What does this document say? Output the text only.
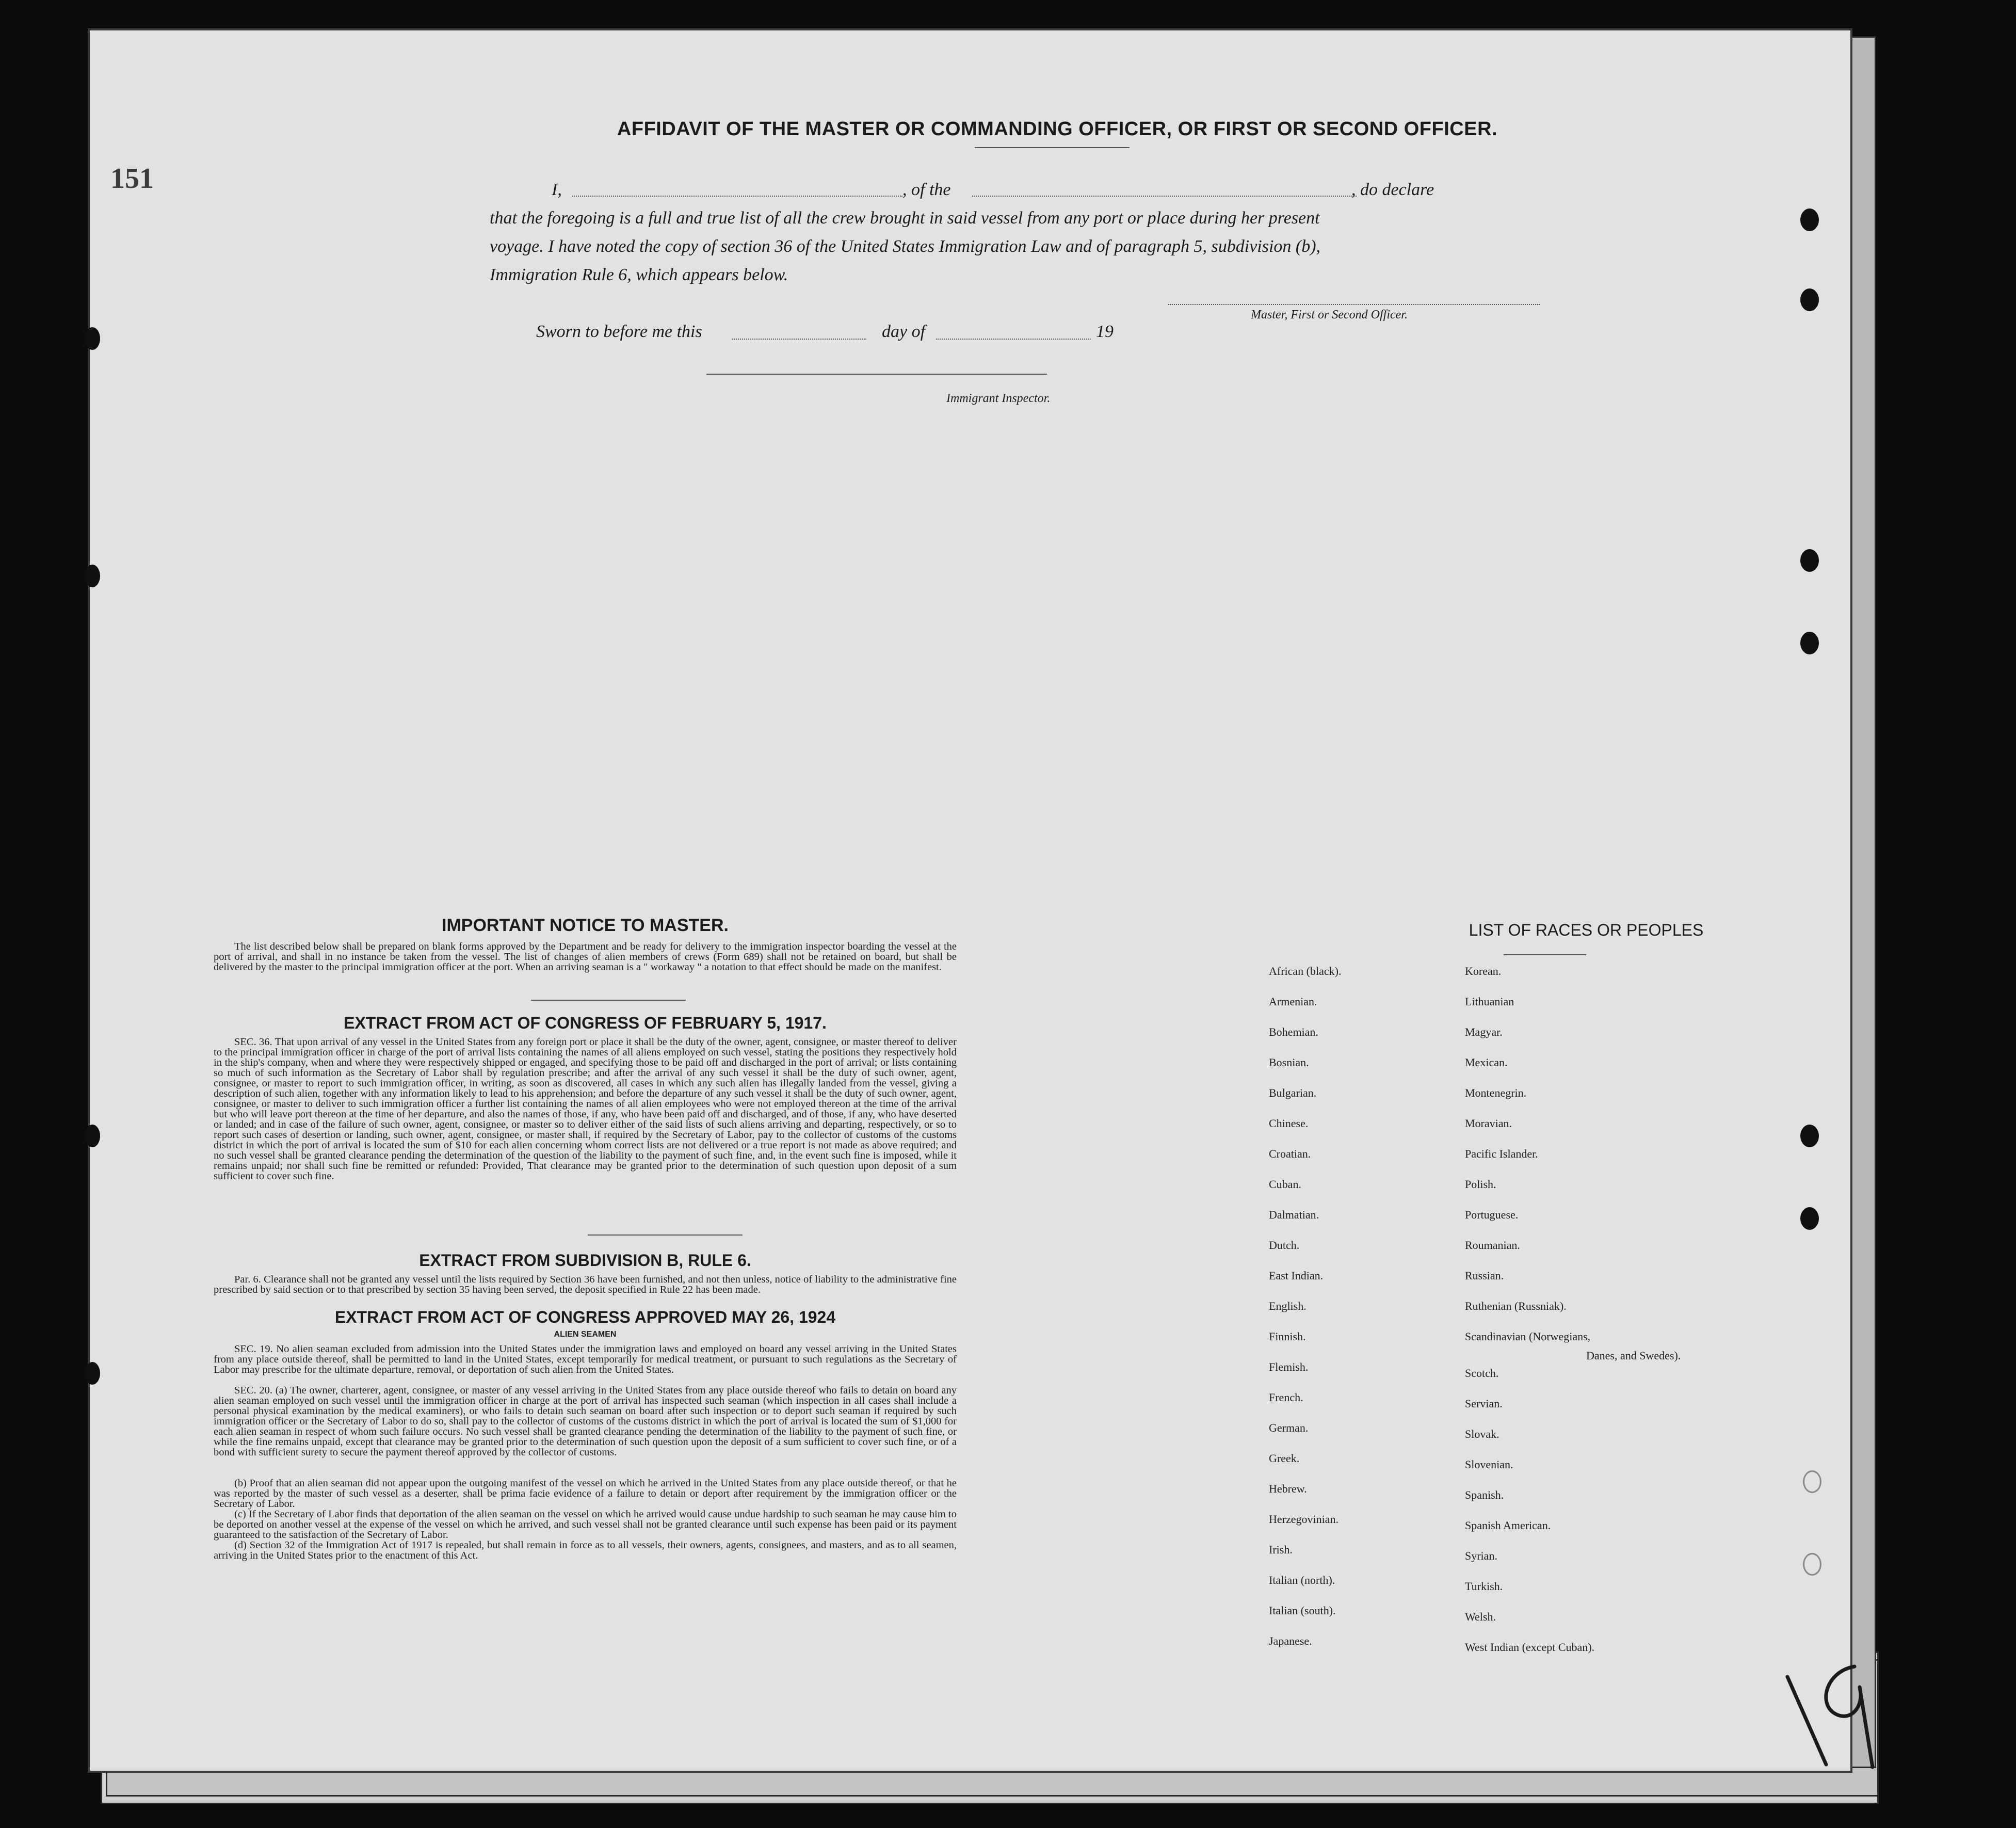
151
AFFIDAVIT OF THE MASTER OR COMMANDING OFFICER, OR FIRST OR SECOND OFFICER.
I,	, of the	, do declare
that the foregoing is a full and true list of all the crew brought in said vessel from any port or place during her present
voyage. I have noted the copy of section 36 of the United States Immigration Law and of paragraph 5, subdivision (b),
Immigration Rule 6, which appears below.
Master, First or Second Officer.
Sworn to before me this	day of	19
Immigrant Inspector.
IMPORTANT NOTICE TO MASTER.
The list described below shall be prepared on blank forms approved by the Department and be ready for delivery to the immigration inspector boarding the vessel at the port of arrival, and shall in no instance be taken from the vessel. The list of changes of alien members of crews (Form 689) shall not be retained on board, but shall be delivered by the master to the principal immigration officer at the port. When an arriving seaman is a " workaway " a notation to that effect should be made on the manifest.
EXTRACT FROM ACT OF CONGRESS OF FEBRUARY 5, 1917.
SEC. 36. That upon arrival of any vessel in the United States from any foreign port or place it shall be the duty of the owner, agent, consignee, or master thereof to deliver to the principal immigration officer in charge of the port of arrival lists containing the names of all aliens employed on such vessel, stating the positions they respectively hold in the ship's company, when and where they were respectively shipped or engaged, and specifying those to be paid off and discharged in the port of arrival; or lists containing so much of such information as the Secretary of Labor shall by regulation prescribe; and after the arrival of any such vessel it shall be the duty of such owner, agent, consignee, or master to report to such immigration officer, in writing, as soon as discovered, all cases in which any such alien has illegally landed from the vessel, giving a description of such alien, together with any information likely to lead to his apprehension; and before the departure of any such vessel it shall be the duty of such owner, agent, consignee, or master to deliver to such immigration officer a further list containing the names of all alien employees who were not employed thereon at the time of the arrival but who will leave port thereon at the time of her departure, and also the names of those, if any, who have been paid off and discharged, and of those, if any, who have deserted or landed; and in case of the failure of such owner, agent, consignee, or master so to deliver either of the said lists of such aliens arriving and departing, respectively, or so to report such cases of desertion or landing, such owner, agent, consignee, or master shall, if required by the Secretary of Labor, pay to the collector of customs of the customs district in which the port of arrival is located the sum of $10 for each alien concerning whom correct lists are not delivered or a true report is not made as above required; and no such vessel shall be granted clearance pending the determination of the question of the liability to the payment of such fine, and, in the event such fine is imposed, while it remains unpaid; nor shall such fine be remitted or refunded: Provided, That clearance may be granted prior to the determination of such question upon deposit of a sum sufficient to cover such fine.
EXTRACT FROM SUBDIVISION B, RULE 6.
Par. 6. Clearance shall not be granted any vessel until the lists required by Section 36 have been furnished, and not then unless, notice of liability to the administrative fine prescribed by said section or to that prescribed by section 35 having been served, the deposit specified in Rule 22 has been made.
EXTRACT FROM ACT OF CONGRESS APPROVED MAY 26, 1924
ALIEN SEAMEN
SEC. 19. No alien seaman excluded from admission into the United States under the immigration laws and employed on board any vessel arriving in the United States from any place outside thereof, shall be permitted to land in the United States, except temporarily for medical treatment, or pursuant to such regulations as the Secretary of Labor may prescribe for the ultimate departure, removal, or deportation of such alien from the United States.
SEC. 20. (a) The owner, charterer, agent, consignee, or master of any vessel arriving in the United States from any place outside thereof who fails to detain on board any alien seaman employed on such vessel until the immigration officer in charge at the port of arrival has inspected such seaman (which inspection in all cases shall include a personal physical examination by the medical examiners), or who fails to detain such seaman on board after such inspection or to deport such seaman if required by such immigration officer or the Secretary of Labor to do so, shall pay to the collector of customs of the customs district in which the port of arrival is located the sum of $1,000 for each alien seaman in respect of whom such failure occurs. No such vessel shall be granted clearance pending the determination of the liability to the payment of such fine, or while the fine remains unpaid, except that clearance may be granted prior to the determination of such question upon the deposit of a sum sufficient to cover such fine, or of a bond with sufficient surety to secure the payment thereof approved by the collector of customs.
(b) Proof that an alien seaman did not appear upon the outgoing manifest of the vessel on which he arrived in the United States from any place outside thereof, or that he was reported by the master of such vessel as a deserter, shall be prima facie evidence of a failure to detain or deport after requirement by the immigration officer or the Secretary of Labor.
(c) If the Secretary of Labor finds that deportation of the alien seaman on the vessel on which he arrived would cause undue hardship to such seaman he may cause him to be deported on another vessel at the expense of the vessel on which he arrived, and such vessel shall not be granted clearance until such expense has been paid or its payment guaranteed to the satisfaction of the Secretary of Labor.
(d) Section 32 of the Immigration Act of 1917 is repealed, but shall remain in force as to all vessels, their owners, agents, consignees, and masters, and as to all seamen, arriving in the United States prior to the enactment of this Act.
LIST OF RACES OR PEOPLES
Danes, and Swedes).
19
African (black).
Armenian.
Bohemian.
Bosnian.
Bulgarian.
Chinese.
Croatian.
Cuban.
Dalmatian.
Dutch.
East Indian.
English.
Finnish.
Flemish.
French.
German.
Greek.
Hebrew.
Herzegovinian.
Irish.
Italian (north).
Italian (south).
Japanese.
Korean.
Lithuanian
Magyar.
Mexican.
Montenegrin.
Moravian.
Pacific Islander.
Polish.
Portuguese.
Roumanian.
Russian.
Ruthenian (Russniak).
Scandinavian (Norwegians,
Scotch.
Servian.
Slovak.
Slovenian.
Spanish.
Spanish American.
Syrian.
Turkish.
Welsh.
West Indian (except Cuban).
